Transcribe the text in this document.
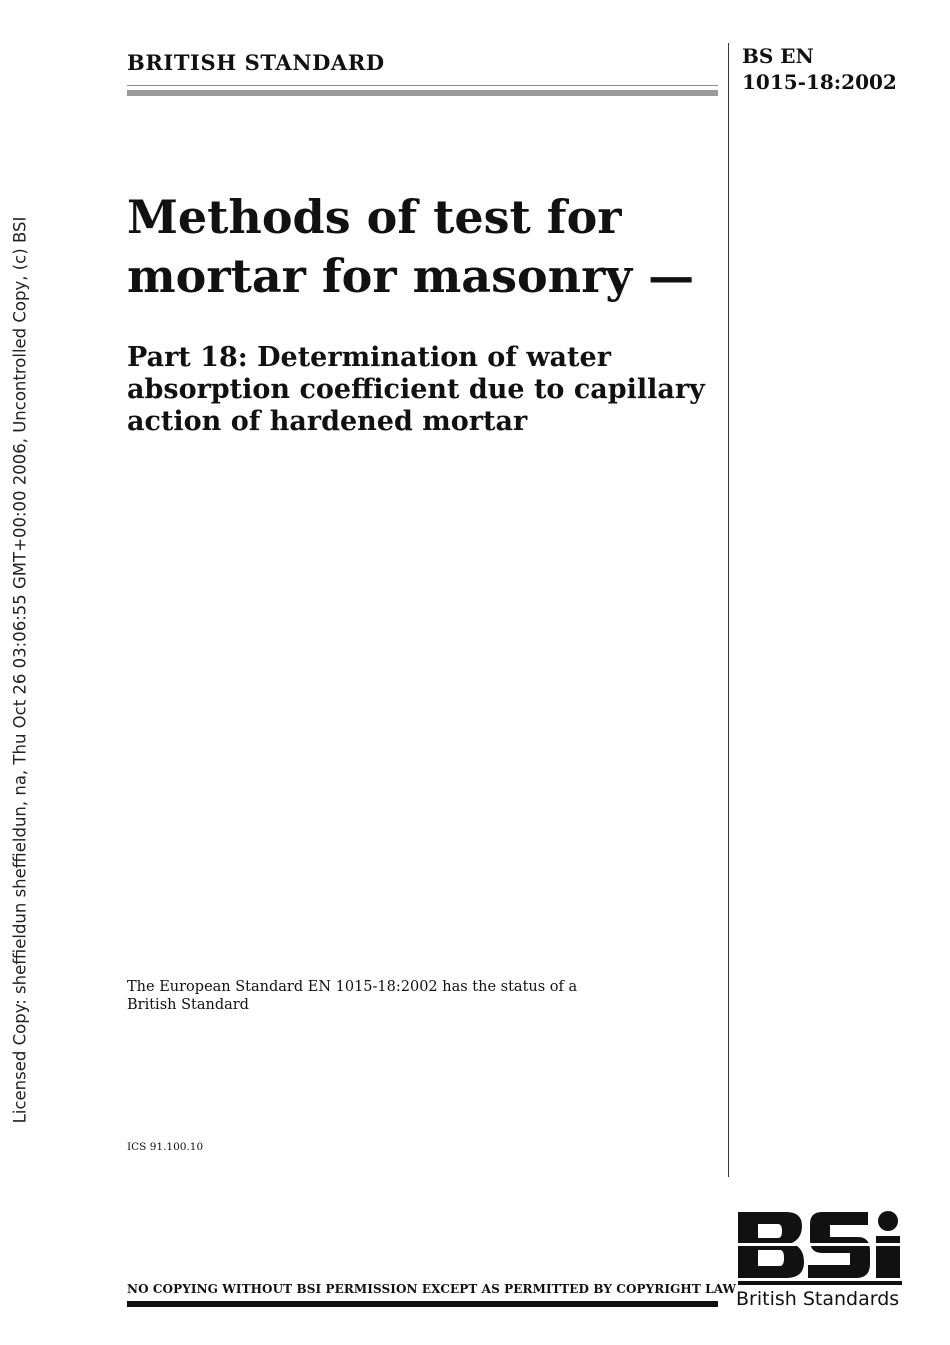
BRITISH STANDARD	BS EN
1015-18:2002
Licensed Copy: sheffieldun sheffieldun, na, Thu Oct 26 03:06:55 GMT+00:00 2006, Uncontrolled Copy, (c) BSI Methods of test for
mortar for masonry —
Part 18: Determination of water
absorption coefficient due to capillary
action of hardened mortar
The European Standard EN 1015-18:2002 has the status of a
British Standard
ICS 91.100.10
NO COPYING WITHOUT BSI PERMISSION EXCEPT AS PERMITTED BY COPYRIGHT LAW British Standards
